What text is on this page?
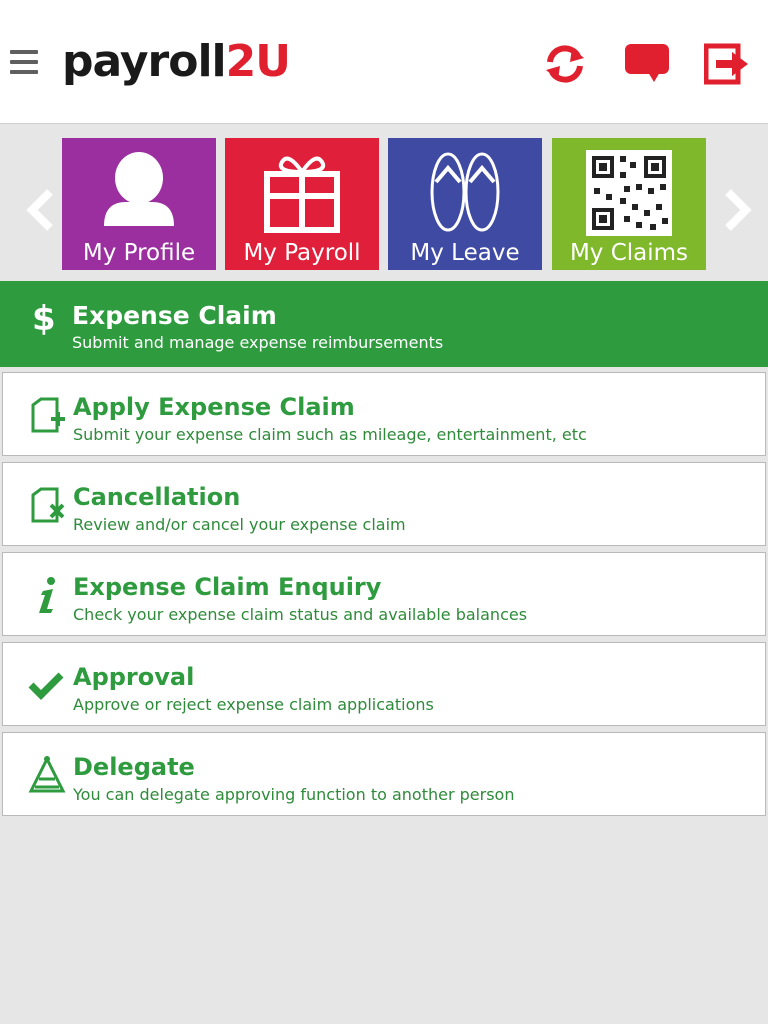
payroll2U
My Profile	My Payroll	My Leave	My Claims
$ Expense Claim
Submit and manage expense reimbursements
Apply Expense Claim
Submit your expense claim such as mileage, entertainment, etc
Cancellation
Review and/or cancel your expense claim
Expense Claim Enquiry
Check your expense claim status and available balances
Approval
Approve or reject expense claim applications
Delegate
You can delegate approving function to another person
